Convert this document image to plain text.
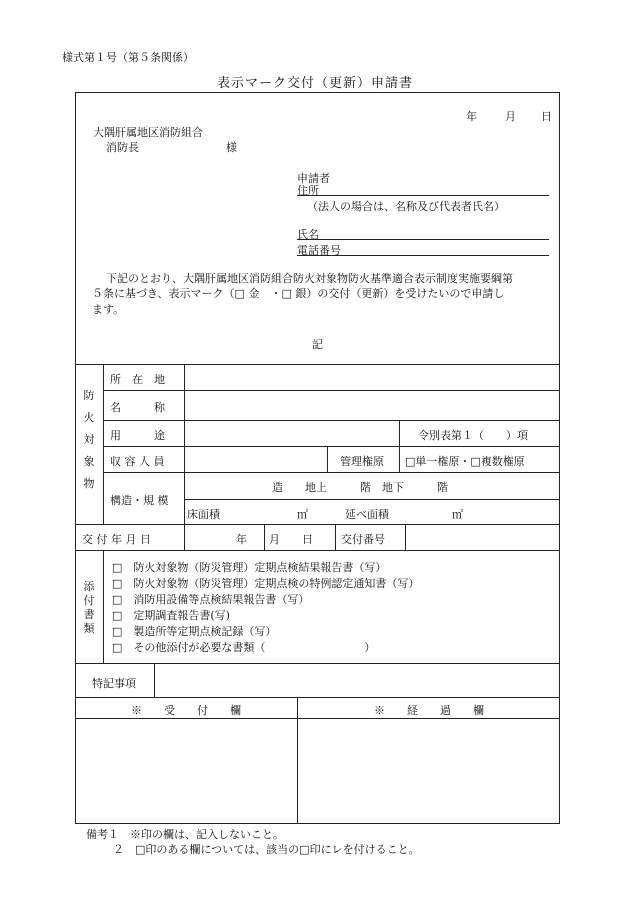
様式第１号（第５条関係）
表示マーク交付（更新）申請書
年	月 日
大隅肝属地区消防組合
消防長	様
申請者
住所
（法人の場合は、名称及び代表者氏名）
氏名
電話番号
下記のとおり、大隅肝属地区消防組合防火対象物防火基準適合表示制度実施要綱第
５条に基づき、表示マーク（□ 金　・□ 銀）の交付（更新）を受けたいので申請し
ます。
記
防火対象物
所　在　地
名　　　称
用　　　途	令別表第１（　　）項
収 容 人 員	管理権原 □単一権原・□複数権原
構造・規 模
造　　地上　　　階　地下　　　階
床面積	㎡	延べ面積	㎡
交 付 年 月 日	年　　月　　日	交付番号
添付書類
□　防火対象物（防災管理）定期点検結果報告書（写）
□　防火対象物（防災管理）定期点検の特例認定通知書（写）
□　消防用設備等点検結果報告書（写）
□　定期調査報告書(写)
□　製造所等定期点検記録（写）
□　その他添付が必要な書類（　　　　　　　　　）
特記事項
※　　受　　付　　欄	※　　経　　過　　欄
備考１　※印の欄は、記入しないこと。
２　□印のある欄については、該当の□印にレを付けること。
